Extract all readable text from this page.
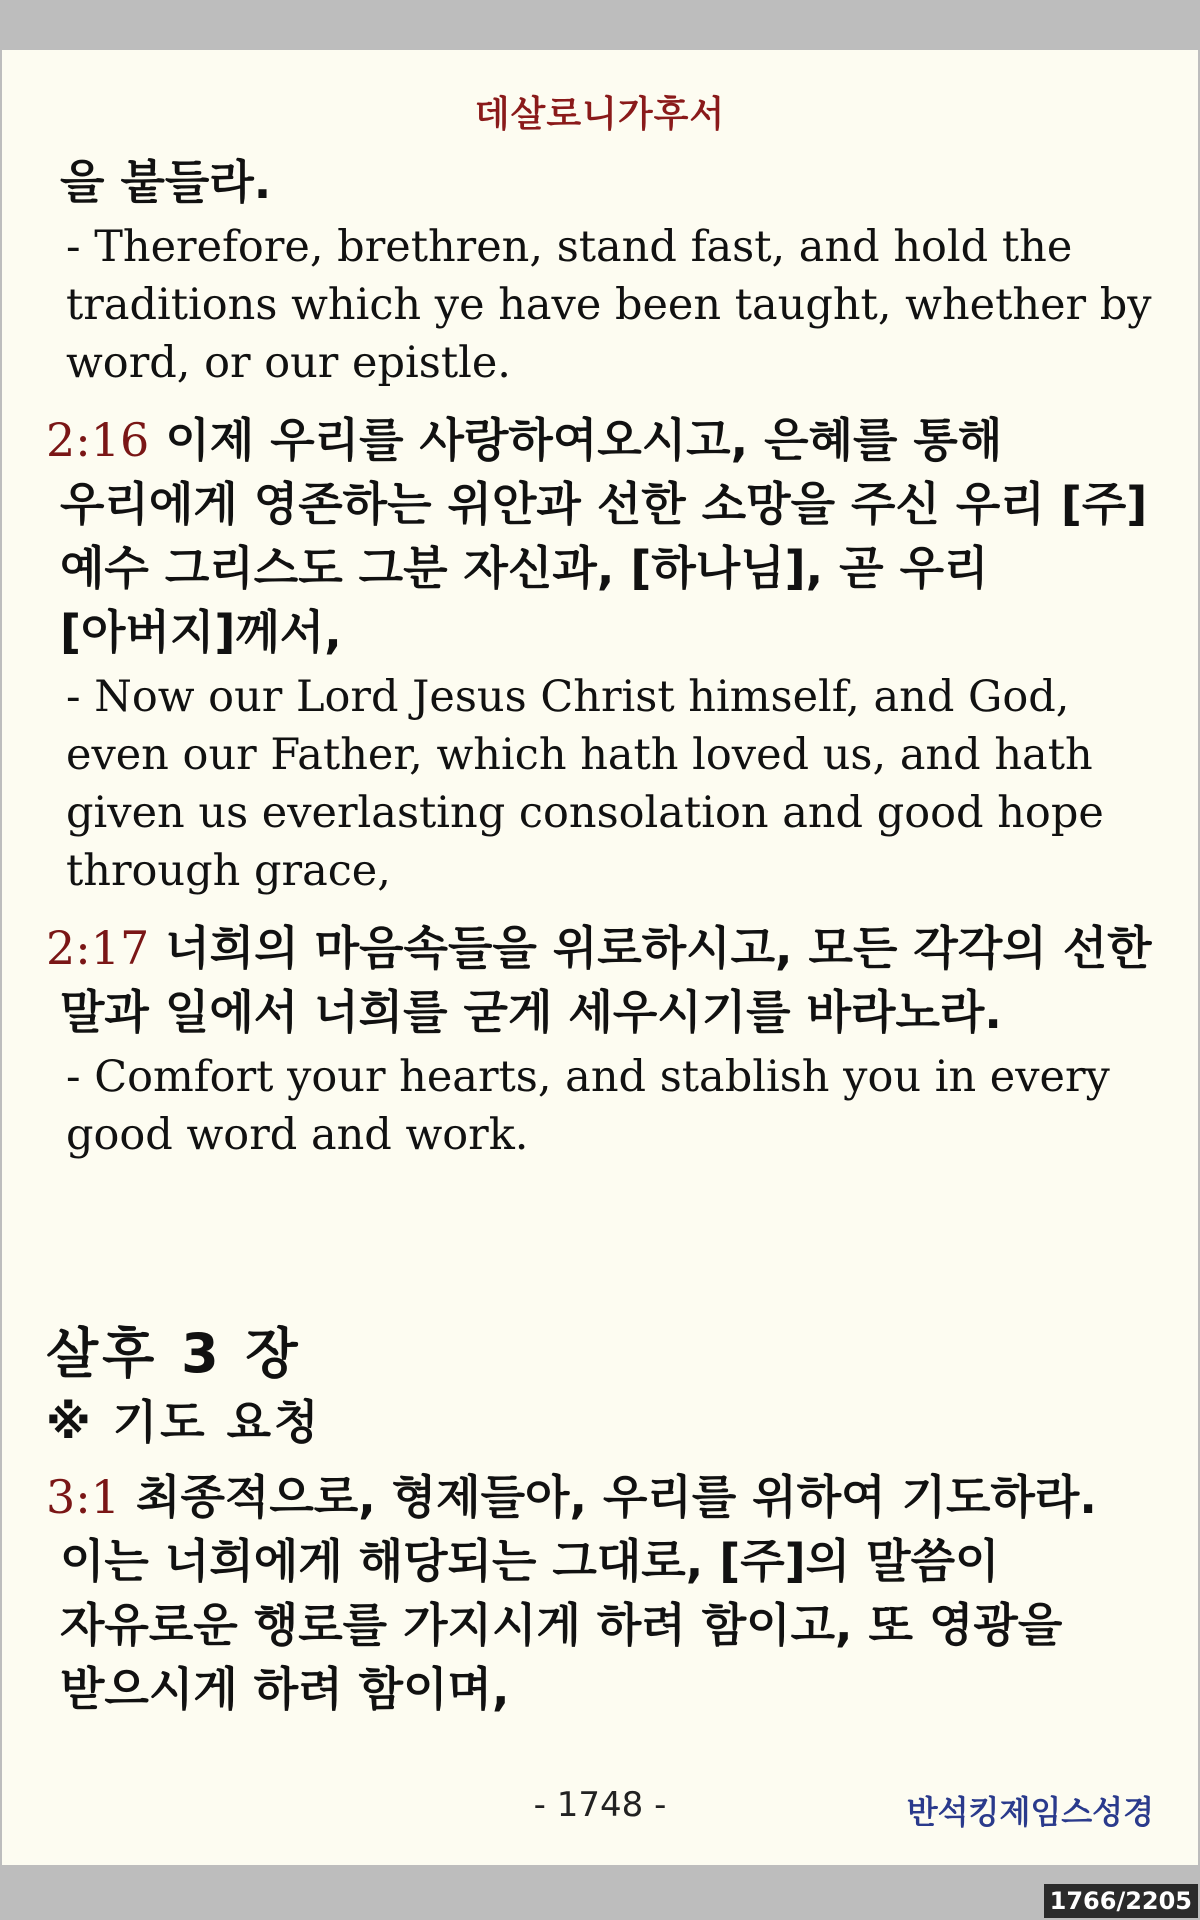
데살로니가후서

을 붙들라.

- Therefore, brethren, stand fast, and hold the traditions which ye have been taught, whether by word, or our epistle.

2:16 이제 우리를 사랑하여오시고, 은혜를 통해 우리에게 영존하는 위안과 선한 소망을 주신 우리 [주] 예수 그리스도 그분 자신과, [하나님], 곧 우리 [아버지]께서,

- Now our Lord Jesus Christ himself, and God, even our Father, which hath loved us, and hath given us everlasting consolation and good hope through grace,

2:17 너희의 마음속들을 위로하시고, 모든 각각의 선한 말과 일에서 너희를 굳게 세우시기를 바라노라.

- Comfort your hearts, and stablish you in every good word and work.

살후 3 장
※ 기도 요청

3:1 최종적으로, 형제들아, 우리를 위하여 기도하라. 이는 너희에게 해당되는 그대로, [주]의 말씀이 자유로운 행로를 가지시게 하려 함이고, 또 영광을 받으시게 하려 함이며,

- 1748 -	반석킹제임스성경
1766/2205
